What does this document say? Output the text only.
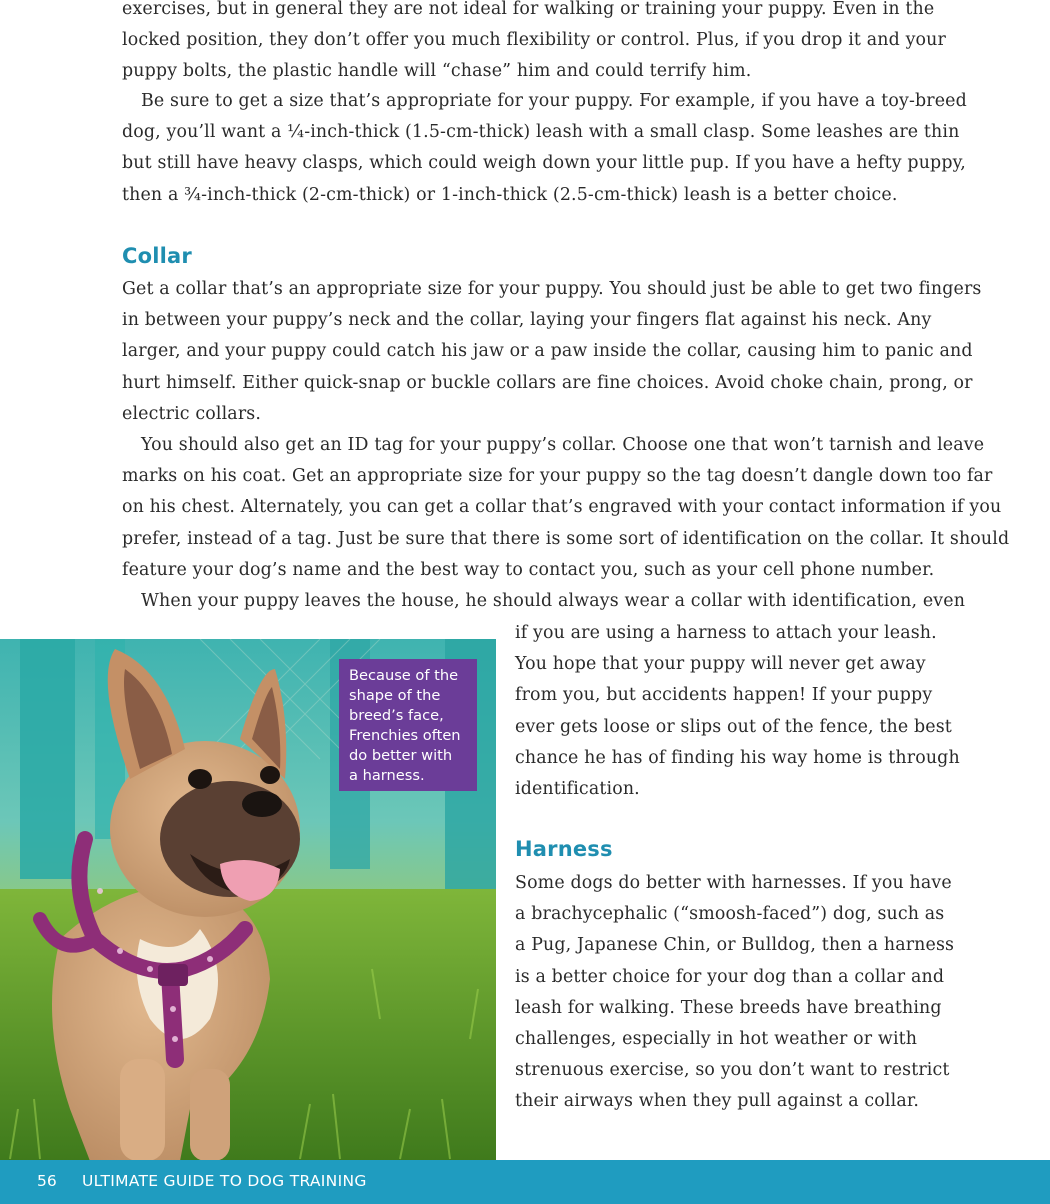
exercises, but in general they are not ideal for walking or training your puppy. Even in the
locked position, they don’t offer you much flexibility or control. Plus, if you drop it and your
puppy bolts, the plastic handle will “chase” him and could terrify him.
Be sure to get a size that’s appropriate for your puppy. For example, if you have a toy-breed
dog, you’ll want a ¼-inch-thick (1.5-cm-thick) leash with a small clasp. Some leashes are thin
but still have heavy clasps, which could weigh down your little pup. If you have a hefty puppy,
then a ¾-inch-thick (2-cm-thick) or 1-inch-thick (2.5-cm-thick) leash is a better choice.
Collar
Get a collar that’s an appropriate size for your puppy. You should just be able to get two fingers
in between your puppy’s neck and the collar, laying your fingers flat against his neck. Any
larger, and your puppy could catch his jaw or a paw inside the collar, causing him to panic and
hurt himself. Either quick-snap or buckle collars are fine choices. Avoid choke chain, prong, or
electric collars.
You should also get an ID tag for your puppy’s collar. Choose one that won’t tarnish and leave
marks on his coat. Get an appropriate size for your puppy so the tag doesn’t dangle down too far
on his chest. Alternately, you can get a collar that’s engraved with your contact information if you
prefer, instead of a tag. Just be sure that there is some sort of identification on the collar. It should
feature your dog’s name and the best way to contact you, such as your cell phone number.
When your puppy leaves the house, he should always wear a collar with identification, even
if you are using a harness to attach your leash.
You hope that your puppy will never get away
from you, but accidents happen! If your puppy
ever gets loose or slips out of the fence, the best
chance he has of finding his way home is through
identification.
Harness
Some dogs do better with harnesses. If you have
a brachycephalic (“smoosh-faced”) dog, such as
a Pug, Japanese Chin, or Bulldog, then a harness
is a better choice for your dog than a collar and
leash for walking. These breeds have breathing
challenges, especially in hot weather or with
strenuous exercise, so you don’t want to restrict
their airways when they pull against a collar.
Because of the
shape of the
breed’s face,
Frenchies often
do better with
a harness.
56 ULTIMATE GUIDE TO DOG TRAINING
